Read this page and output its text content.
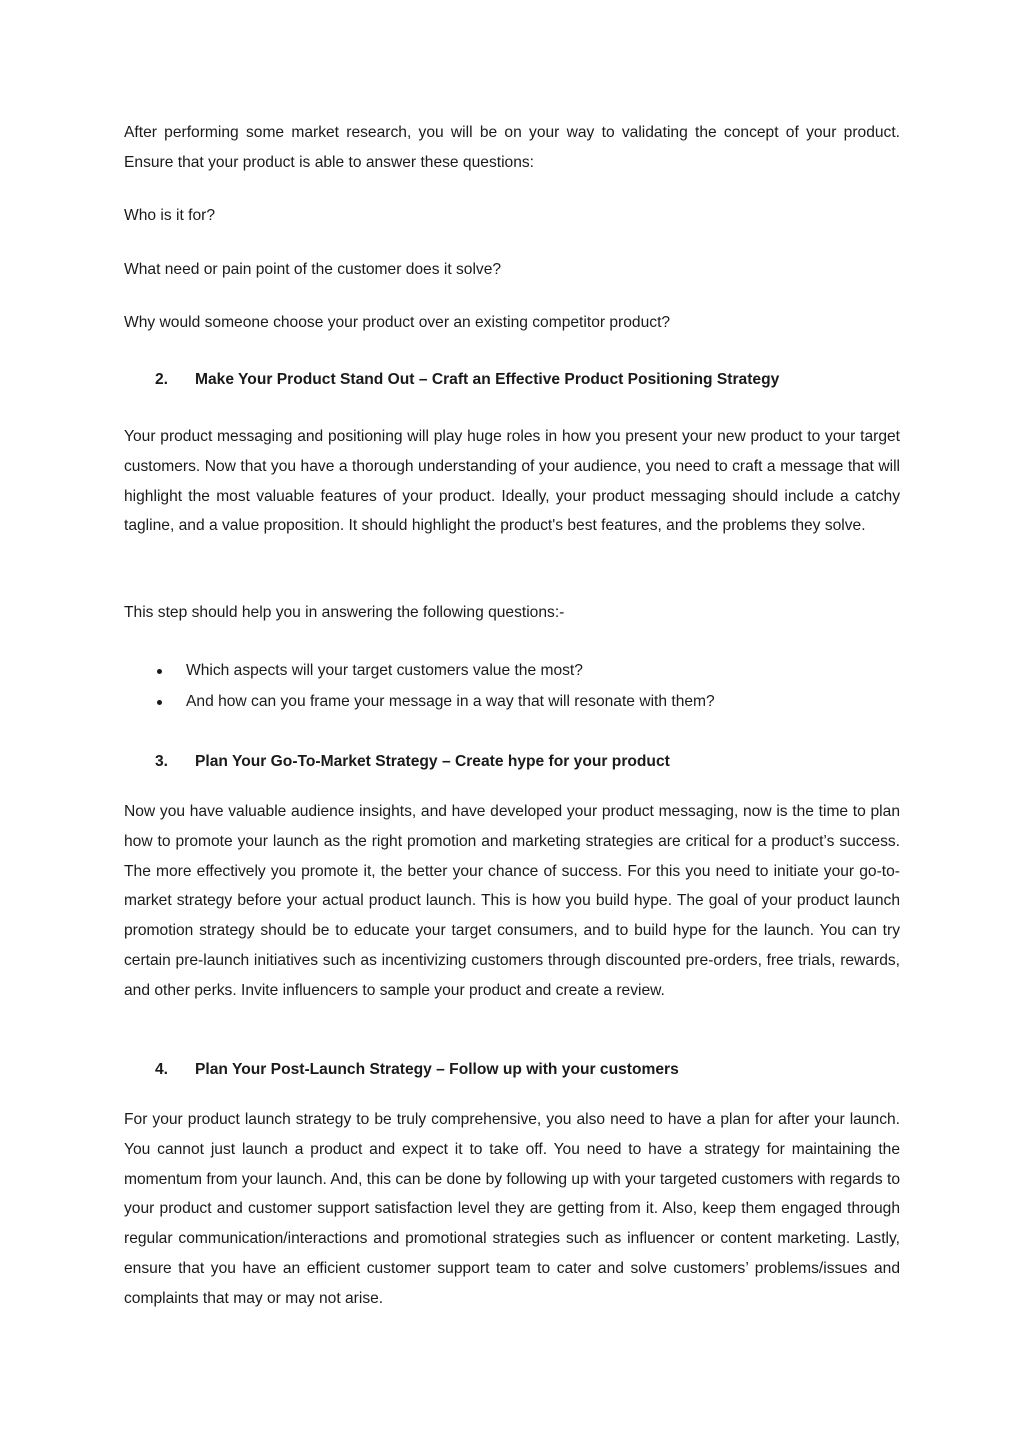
After performing some market research, you will be on your way to validating the concept of your product. Ensure that your product is able to answer these questions:

Who is it for?

What need or pain point of the customer does it solve?

Why would someone choose your product over an existing competitor product?

2. Make Your Product Stand Out – Craft an Effective Product Positioning Strategy

Your product messaging and positioning will play huge roles in how you present your new product to your target customers. Now that you have a thorough understanding of your audience, you need to craft a message that will highlight the most valuable features of your product. Ideally, your product messaging should include a catchy tagline, and a value proposition. It should highlight the product's best features, and the problems they solve.

This step should help you in answering the following questions:-

Which aspects will your target customers value the most?
And how can you frame your message in a way that will resonate with them?
3. Plan Your Go-To-Market Strategy – Create hype for your product

Now you have valuable audience insights, and have developed your product messaging, now is the time to plan how to promote your launch as the right promotion and marketing strategies are critical for a product’s success. The more effectively you promote it, the better your chance of success. For this you need to initiate your go-to-market strategy before your actual product launch. This is how you build hype. The goal of your product launch promotion strategy should be to educate your target consumers, and to build hype for the launch. You can try certain pre-launch initiatives such as incentivizing customers through discounted pre-orders, free trials, rewards, and other perks. Invite influencers to sample your product and create a review.

4. Plan Your Post-Launch Strategy – Follow up with your customers

For your product launch strategy to be truly comprehensive, you also need to have a plan for after your launch. You cannot just launch a product and expect it to take off. You need to have a strategy for maintaining the momentum from your launch. And, this can be done by following up with your targeted customers with regards to your product and customer support satisfaction level they are getting from it. Also, keep them engaged through regular communication/interactions and promotional strategies such as influencer or content marketing. Lastly, ensure that you have an efficient customer support team to cater and solve customers’ problems/issues and complaints that may or may not arise.
